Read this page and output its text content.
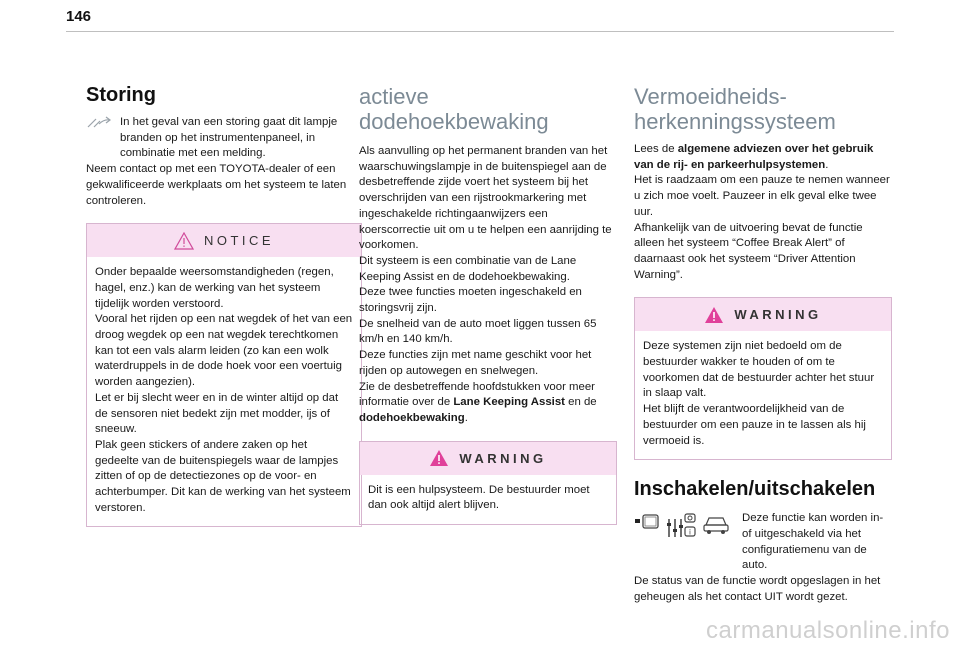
146
Storing
In het geval van een storing gaat dit lampje branden op het instrumentenpaneel, in combinatie met een melding.

Neem contact op met een TOYOTA-dealer of een gekwalificeerde werkplaats om het systeem te laten controleren.

NOTICE

Onder bepaalde weersomstandigheden (regen, hagel, enz.) kan de werking van het systeem tijdelijk worden verstoord.

Vooral het rijden op een nat wegdek of het van een droog wegdek op een nat wegdek terechtkomen kan tot een vals alarm leiden (zo kan een wolk waterdruppels in de dode hoek voor een voertuig worden aangezien).

Let er bij slecht weer en in de winter altijd op dat de sensoren niet bedekt zijn met modder, ijs of sneeuw.

Plak geen stickers of andere zaken op het gedeelte van de buitenspiegels waar de lampjes zitten of op de detectiezones op de voor- en achterbumper. Dit kan de werking van het systeem verstoren.

actieve dodehoekbewaking

Als aanvulling op het permanent branden van het waarschuwingslampje in de buitenspiegel aan de desbetreffende zijde voert het systeem bij het overschrijden van een rijstrookmarkering met ingeschakelde richtingaanwijzers een koerscorrectie uit om u te helpen een aanrijding te voorkomen.

Dit systeem is een combinatie van de Lane Keeping Assist en de dodehoekbewaking.

Deze twee functies moeten ingeschakeld en storingsvrij zijn.

De snelheid van de auto moet liggen tussen 65 km/h en 140 km/h.

Deze functies zijn met name geschikt voor het rijden op autowegen en snelwegen.

Zie de desbetreffende hoofdstukken voor meer informatie over de Lane Keeping Assist en de dodehoekbewaking.

WARNING

Dit is een hulpsysteem. De bestuurder moet dan ook altijd alert blijven.

Vermoeidheids-
herkenningssysteem

Lees de algemene adviezen over het gebruik van de rij- en parkeerhulpsystemen.

Het is raadzaam om een pauze te nemen wanneer u zich moe voelt. Pauzeer in elk geval elke twee uur.

Afhankelijk van de uitvoering bevat de functie alleen het systeem “Coffee Break Alert” of daarnaast ook het systeem “Driver Attention Warning”.

WARNING

Deze systemen zijn niet bedoeld om de bestuurder wakker te houden of om te voorkomen dat de bestuurder achter het stuur in slaap valt.

Het blijft de verantwoordelijkheid van de bestuurder om een pauze in te lassen als hij vermoeid is.

Inschakelen/uitschakelen
i
Deze functie kan worden in- of uitgeschakeld via het configuratiemenu van de auto.

De status van de functie wordt opgeslagen in het geheugen als het contact UIT wordt gezet.

carmanualsonline.info
